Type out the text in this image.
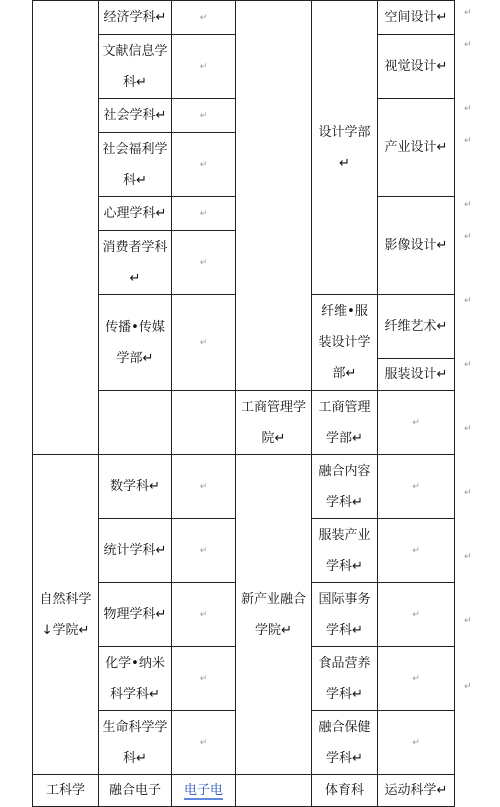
	经济学科↵	↵		设计学部↵	空间设计↵
	文献信息学科↵	↵			视觉设计↵
	社会学科↵	↵			产业设计↵
	社会福利学科↵	↵			
	心理学科↵	↵			影像设计↵
	消费者学科↵	↵			
	传播•传媒学部↵	↵		纤维•服装设计学部↵	纤维艺术↵
					服装设计↵

			工商管理学院↵	工商管理学部↵	↵
自然科学↓学院↵	数学科↵	↵	新产业融合学院↵	融合内容学科↵	↵
	统计学科↵	↵		服装产业学科↵	↵
	物理学科↵	↵		国际事务学科↵	↵
	化学•纳米科学科↵	↵		食品营养学科↵	↵
	生命科学学科↵	↵		融合保健学科↵	↵
工科学	融合电子	电子电		体育科	运动科学↵
↵
↵
↵
↵
↵
↵
↵
↵
↵
↵
↵
↵
↵
